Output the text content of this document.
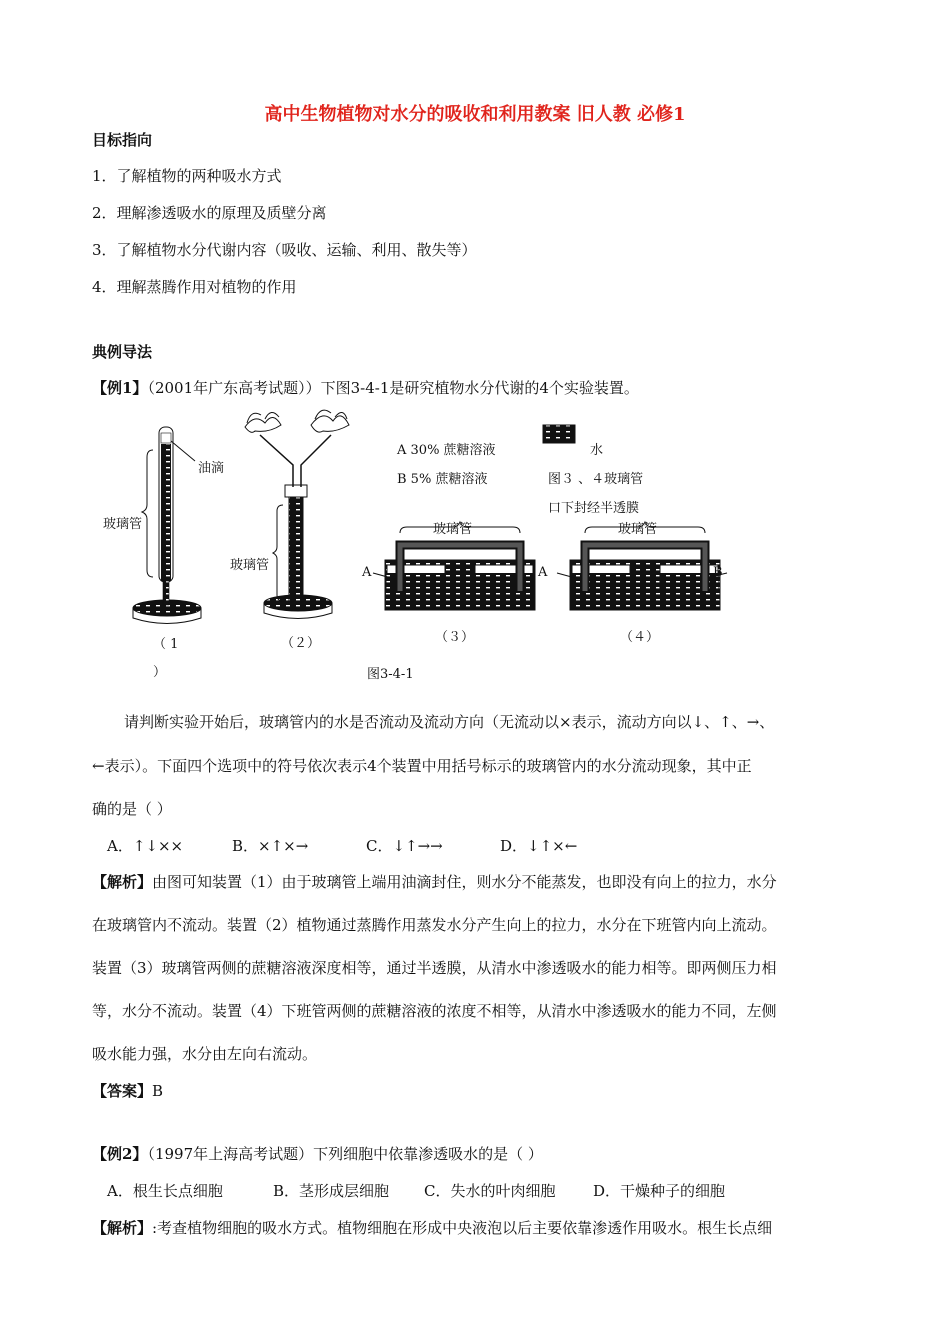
高中生物植物对水分的吸收和利用教案 旧人教 必修1
目标指向
1．了解植物的两种吸水方式
2．理解渗透吸水的原理及质壁分离
3．了解植物水分代谢内容（吸收、运输、利用、散失等）
4．理解蒸腾作用对植物的作用
典例导法
【例1】（2001年广东高考试题））下图3-4-1是研究植物水分代谢的4个实验装置。
油滴
玻璃管
玻璃管
A 30% 蔗糖溶液
B 5% 蔗糖溶液
水
图３ 、４玻璃管
口下封经半透膜
玻璃管	玻璃管
A	A	B
（ 1
）
（２）	（３）	（４）
图3-4-1
请判断实验开始后，玻璃管内的水是否流动及流动方向（无流动以×表示，流动方向以↓、↑、→、
←表示）。下面四个选项中的符号依次表示4个装置中用括号标示的玻璃管内的水分流动现象，其中正
确的是（ ）
A．↑↓××	B．×↑×→	C．↓↑→→	D．↓↑×←
【解析】由图可知装置（1）由于玻璃管上端用油滴封住，则水分不能蒸发，也即没有向上的拉力，水分
在玻璃管内不流动。装置（2）植物通过蒸腾作用蒸发水分产生向上的拉力，水分在下班管内向上流动。
装置（3）玻璃管两侧的蔗糖溶液深度相等，通过半透膜，从清水中渗透吸水的能力相等。即两侧压力相
等，水分不流动。装置（4）下班管两侧的蔗糖溶液的浓度不相等，从清水中渗透吸水的能力不同，左侧
吸水能力强，水分由左向右流动。
【答案】B
【例2】（1997年上海高考试题）下列细胞中依靠渗透吸水的是（ ）
A．根生长点细胞	B．茎形成层细胞 C．失水的叶肉细胞	D．干燥种子的细胞
【解析】:考查植物细胞的吸水方式。植物细胞在形成中央液泡以后主要依靠渗透作用吸水。根生长点细
